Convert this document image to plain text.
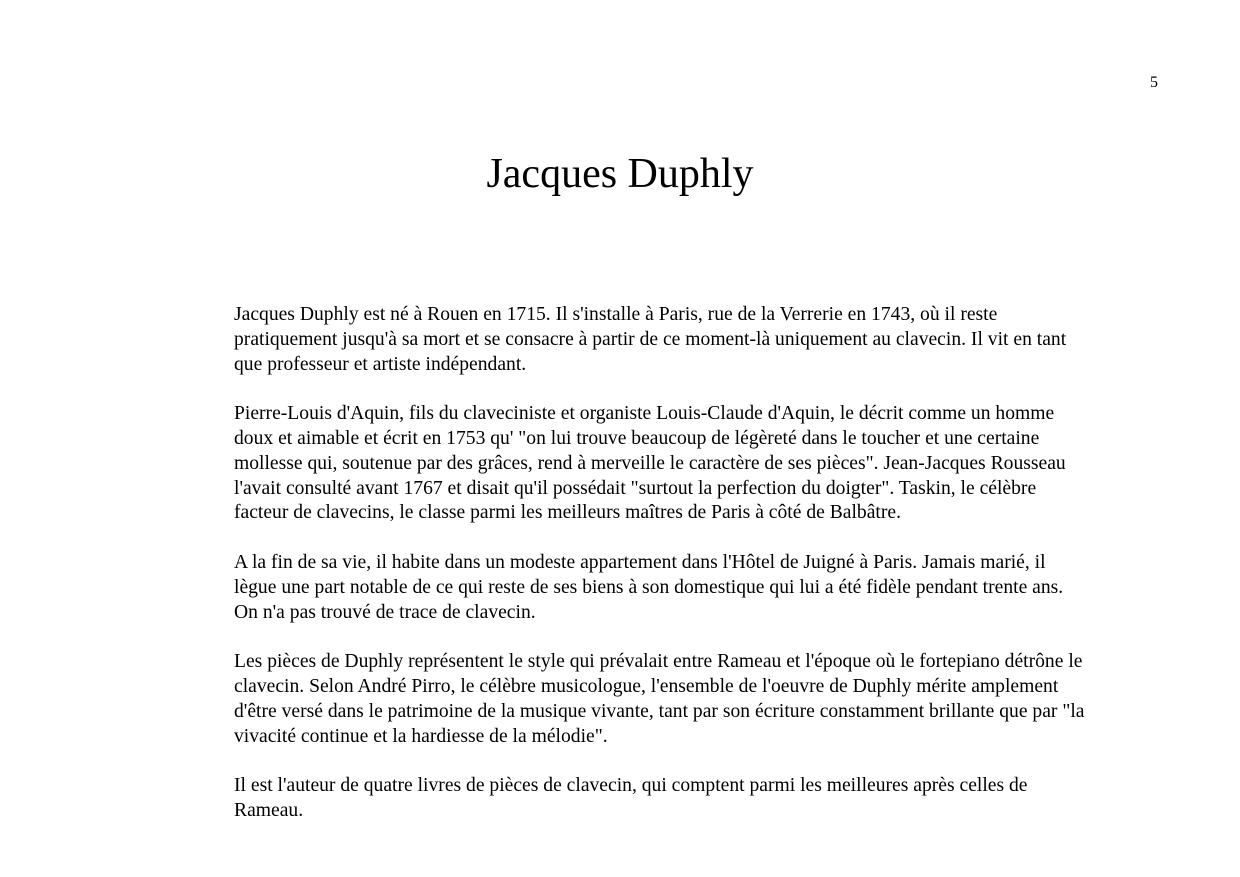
5
Jacques Duphly

Jacques Duphly est né à Rouen en 1715. Il s'installe à Paris, rue de la Verrerie en 1743, où il reste pratiquement jusqu'à sa mort et se consacre à partir de ce moment-là uniquement au clavecin. Il vit en tant que professeur et artiste indépendant.

Pierre-Louis d'Aquin, fils du claveciniste et organiste Louis-Claude d'Aquin, le décrit comme un homme doux et aimable et écrit en 1753 qu' "on lui trouve beaucoup de légèreté dans le toucher et une certaine mollesse qui, soutenue par des grâces, rend à merveille le caractère de ses pièces". Jean-Jacques Rousseau l'avait consulté avant 1767 et disait qu'il possédait "surtout la perfection du doigter". Taskin, le célèbre facteur de clavecins, le classe parmi les meilleurs maîtres de Paris à côté de Balbâtre.

A la fin de sa vie, il habite dans un modeste appartement dans l'Hôtel de Juigné à Paris. Jamais marié, il lègue une part notable de ce qui reste de ses biens à son domestique qui lui a été fidèle pendant trente ans. On n'a pas trouvé de trace de clavecin.

Les pièces de Duphly représentent le style qui prévalait entre Rameau et l'époque où le fortepiano détrône le clavecin. Selon André Pirro, le célèbre musicologue, l'ensemble de l'oeuvre de Duphly mérite amplement d'être versé dans le patrimoine de la musique vivante, tant par son écriture constamment brillante que par "la vivacité continue et la hardiesse de la mélodie".

Il est l'auteur de quatre livres de pièces de clavecin, qui comptent parmi les meilleures après celles de Rameau.
